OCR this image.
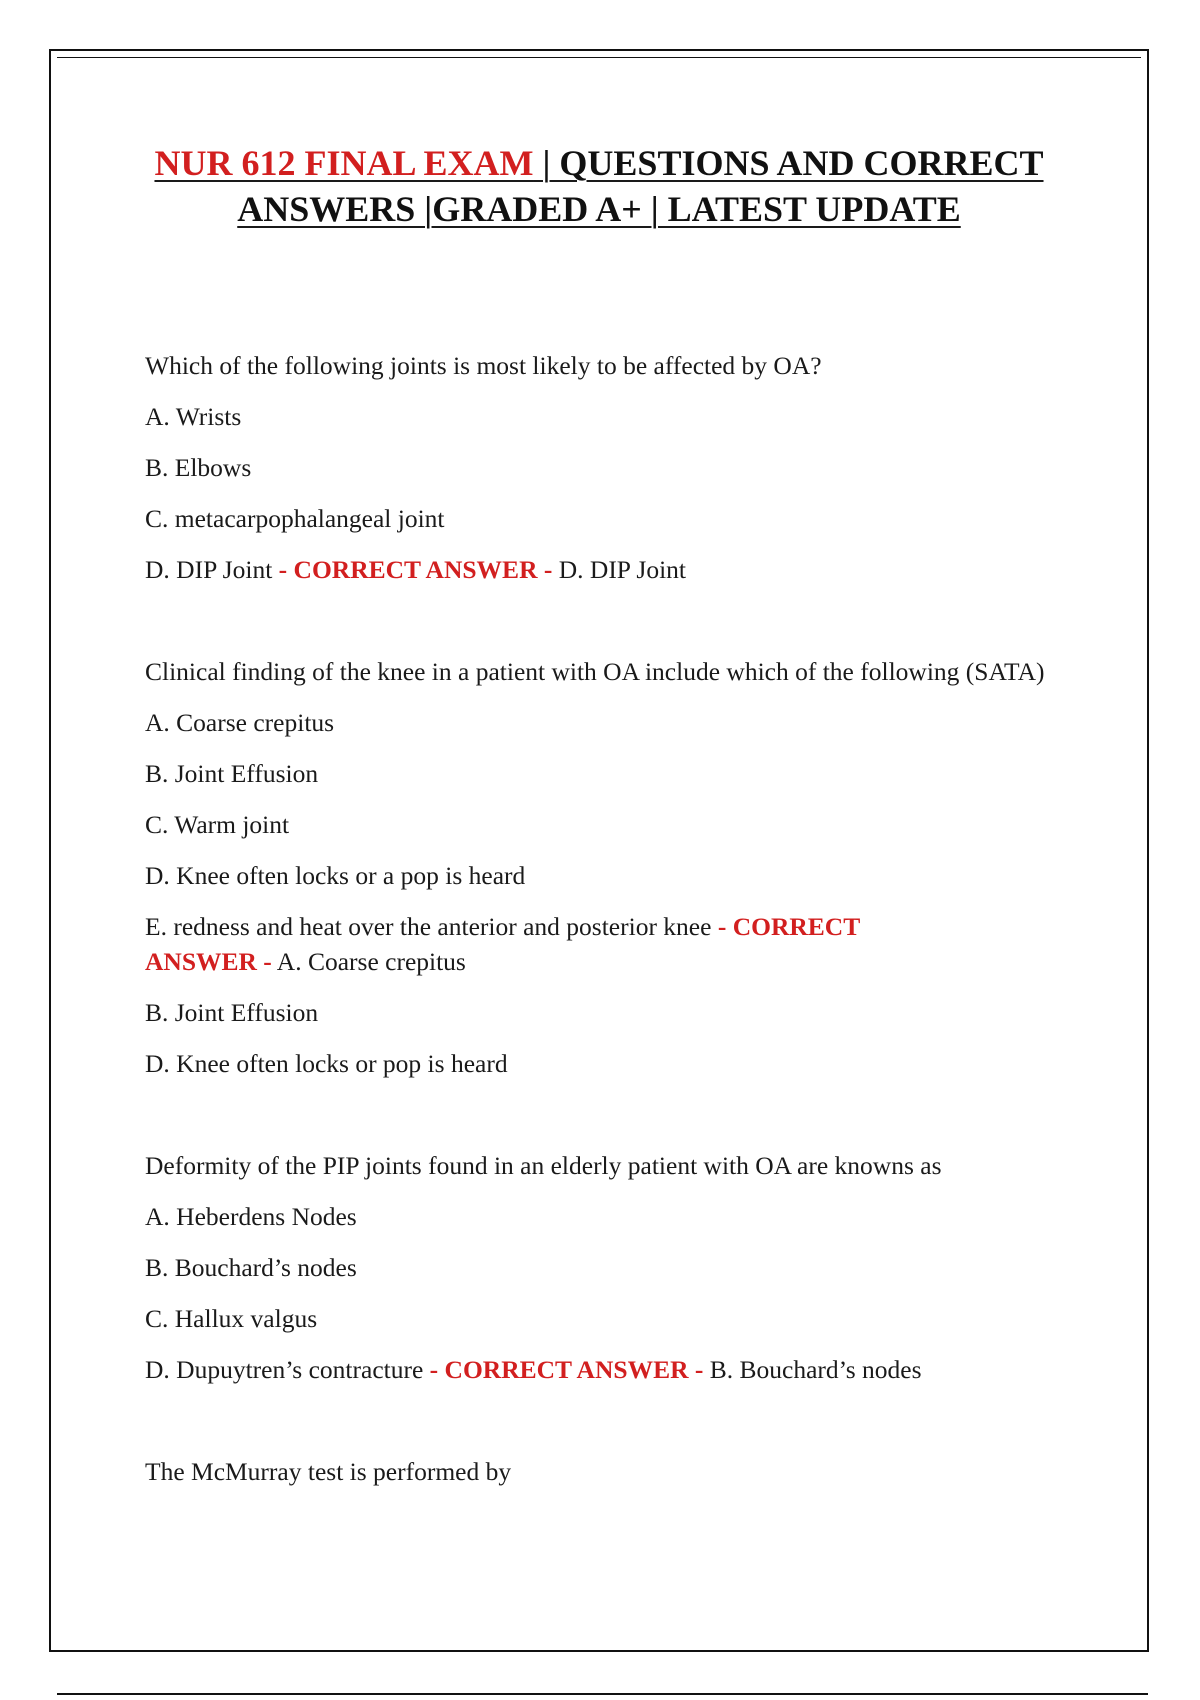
NUR 612 FINAL EXAM | QUESTIONS AND CORRECT
ANSWERS |GRADED A+ | LATEST UPDATE
Which of the following joints is most likely to be affected by OA?
A. Wrists
B. Elbows
C. metacarpophalangeal joint
D. DIP Joint - CORRECT ANSWER - D. DIP Joint
Clinical finding of the knee in a patient with OA include which of the following (SATA)
A. Coarse crepitus
B. Joint Effusion
C. Warm joint
D. Knee often locks or a pop is heard
E. redness and heat over the anterior and posterior knee - CORRECT ANSWER - A. Coarse crepitus
B. Joint Effusion
D. Knee often locks or pop is heard
Deformity of the PIP joints found in an elderly patient with OA are knowns as
A. Heberdens Nodes
B. Bouchard’s nodes
C. Hallux valgus
D. Dupuytren’s contracture - CORRECT ANSWER - B. Bouchard’s nodes
The McMurray test is performed by
